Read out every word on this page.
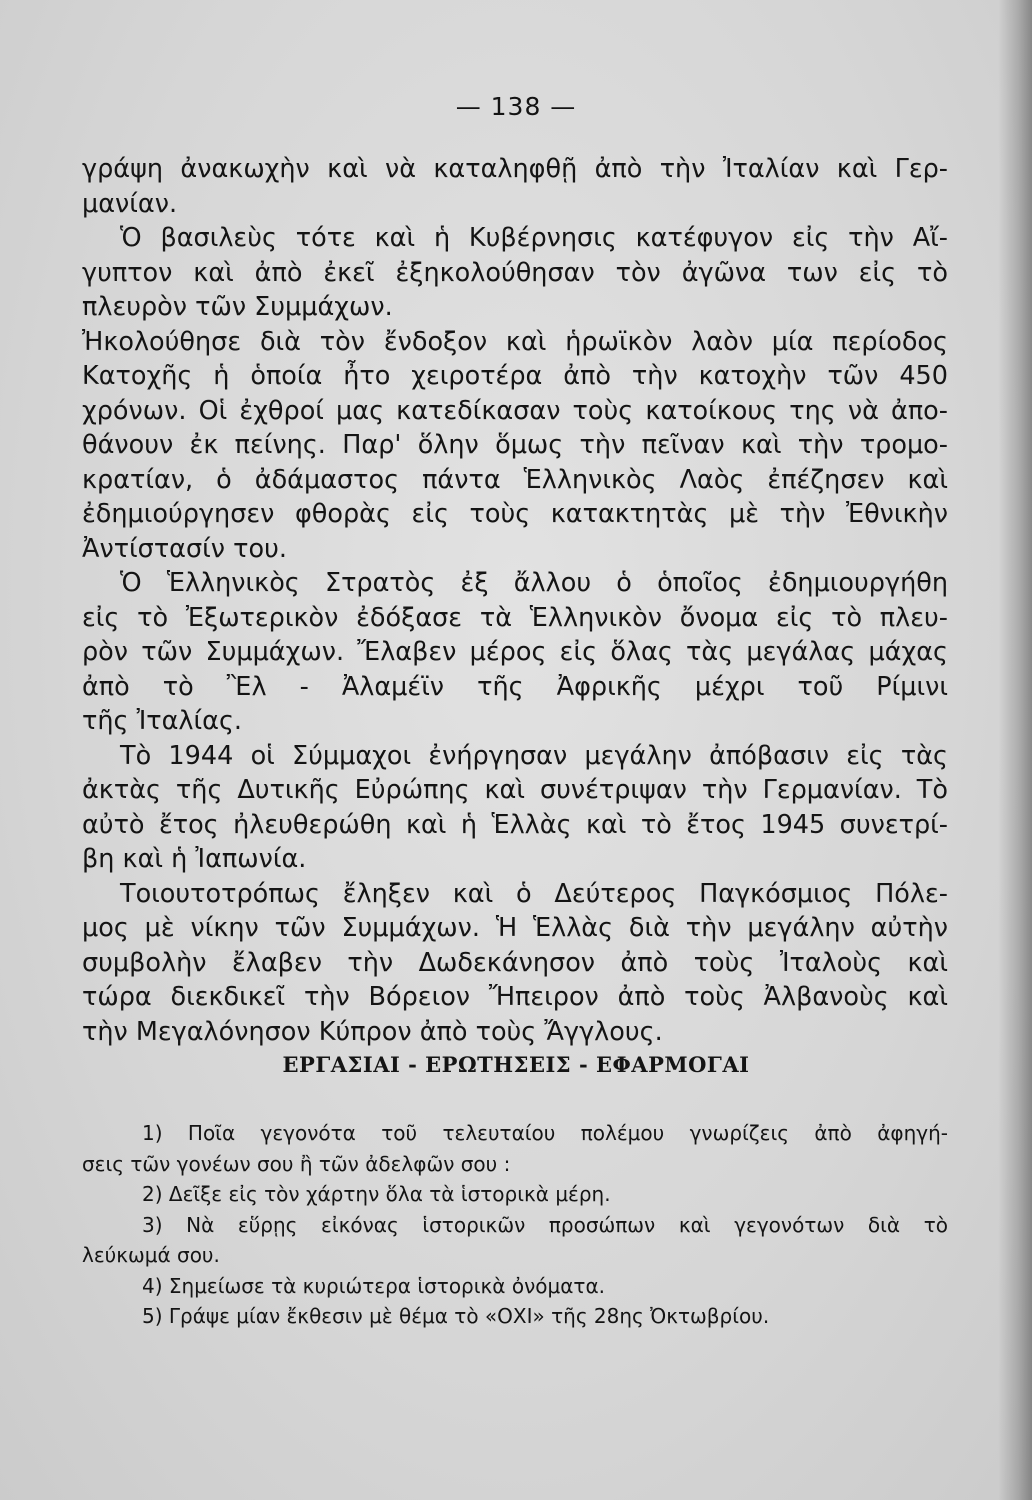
— 138 —
γράψη ἀνακωχὴν καὶ νὰ καταληφθῇ ἀπὸ τὴν Ἰταλίαν καὶ Γερ-
μανίαν.
Ὁ βασιλεὺς τότε καὶ ἡ Κυβέρνησις κατέφυγον εἰς τὴν Αἴ-
γυπτον καὶ ἀπὸ ἐκεῖ ἐξηκολούθησαν τὸν ἀγῶνα των εἰς τὸ
πλευρὸν τῶν Συμμάχων.
Ἠκολούθησε διὰ τὸν ἔνδοξον καὶ ἡρωϊκὸν λαὸν μία περίοδος
Κατοχῆς ἡ ὁποία ἦτο χειροτέρα ἀπὸ τὴν κατοχὴν τῶν 450
χρόνων. Οἱ ἐχθροί μας κατεδίκασαν τοὺς κατοίκους της νὰ ἀπο-
θάνουν ἐκ πείνης. Παρ' ὅλην ὅμως τὴν πεῖναν καὶ τὴν τρομο-
κρατίαν, ὁ ἀδάμαστος πάντα Ἑλληνικὸς Λαὸς ἐπέζησεν καὶ
ἐδημιούργησεν φθορὰς εἰς τοὺς κατακτητὰς μὲ τὴν Ἐθνικὴν
Ἀντίστασίν του.
Ὁ Ἑλληνικὸς Στρατὸς ἐξ ἄλλου ὁ ὁποῖος ἐδημιουργήθη
εἰς τὸ Ἐξωτερικὸν ἐδόξασε τὰ Ἑλληνικὸν ὄνομα εἰς τὸ πλευ-
ρὸν τῶν Συμμάχων. Ἔλαβεν μέρος εἰς ὅλας τὰς μεγάλας μάχας
ἀπὸ τὸ Ἒλ - Ἀλαμέϊν τῆς Ἀφρικῆς μέχρι τοῦ Ρίμινι
τῆς Ἰταλίας.
Τὸ 1944 οἱ Σύμμαχοι ἐνήργησαν μεγάλην ἀπόβασιν εἰς τὰς
ἀκτὰς τῆς Δυτικῆς Εὐρώπης καὶ συνέτριψαν τὴν Γερμανίαν. Τὸ
αὐτὸ ἔτος ἠλευθερώθη καὶ ἡ Ἑλλὰς καὶ τὸ ἔτος 1945 συνετρί-
βη καὶ ἡ Ἰαπωνία.
Τοιουτοτρόπως ἔληξεν καὶ ὁ Δεύτερος Παγκόσμιος Πόλε-
μος μὲ νίκην τῶν Συμμάχων. Ἡ Ἑλλὰς διὰ τὴν μεγάλην αὐτὴν
συμβολὴν ἔλαβεν τὴν Δωδεκάνησον ἀπὸ τοὺς Ἰταλοὺς καὶ
τώρα διεκδικεῖ τὴν Βόρειον Ἤπειρον ἀπὸ τοὺς Ἀλβανοὺς καὶ
τὴν Μεγαλόνησον Κύπρον ἀπὸ τοὺς Ἄγγλους.
ΕΡΓΑΣΙΑΙ - ΕΡΩΤΗΣΕΙΣ - ΕΦΑΡΜΟΓΑΙ
1) Ποῖα γεγονότα τοῦ τελευταίου πολέμου γνωρίζεις ἀπὸ ἀφηγή-
σεις τῶν γονέων σου ἢ τῶν ἀδελφῶν σου :
2) Δεῖξε εἰς τὸν χάρτην ὅλα τὰ ἱστορικὰ μέρη.
3) Νὰ εὕρῃς εἰκόνας ἱστορικῶν προσώπων καὶ γεγονότων διὰ τὸ
λεύκωμά σου.
4) Σημείωσε τὰ κυριώτερα ἱστορικὰ ὀνόματα.
5) Γράψε μίαν ἔκθεσιν μὲ θέμα τὸ «ΟΧΙ» τῆς 28ης Ὀκτωβρίου.
